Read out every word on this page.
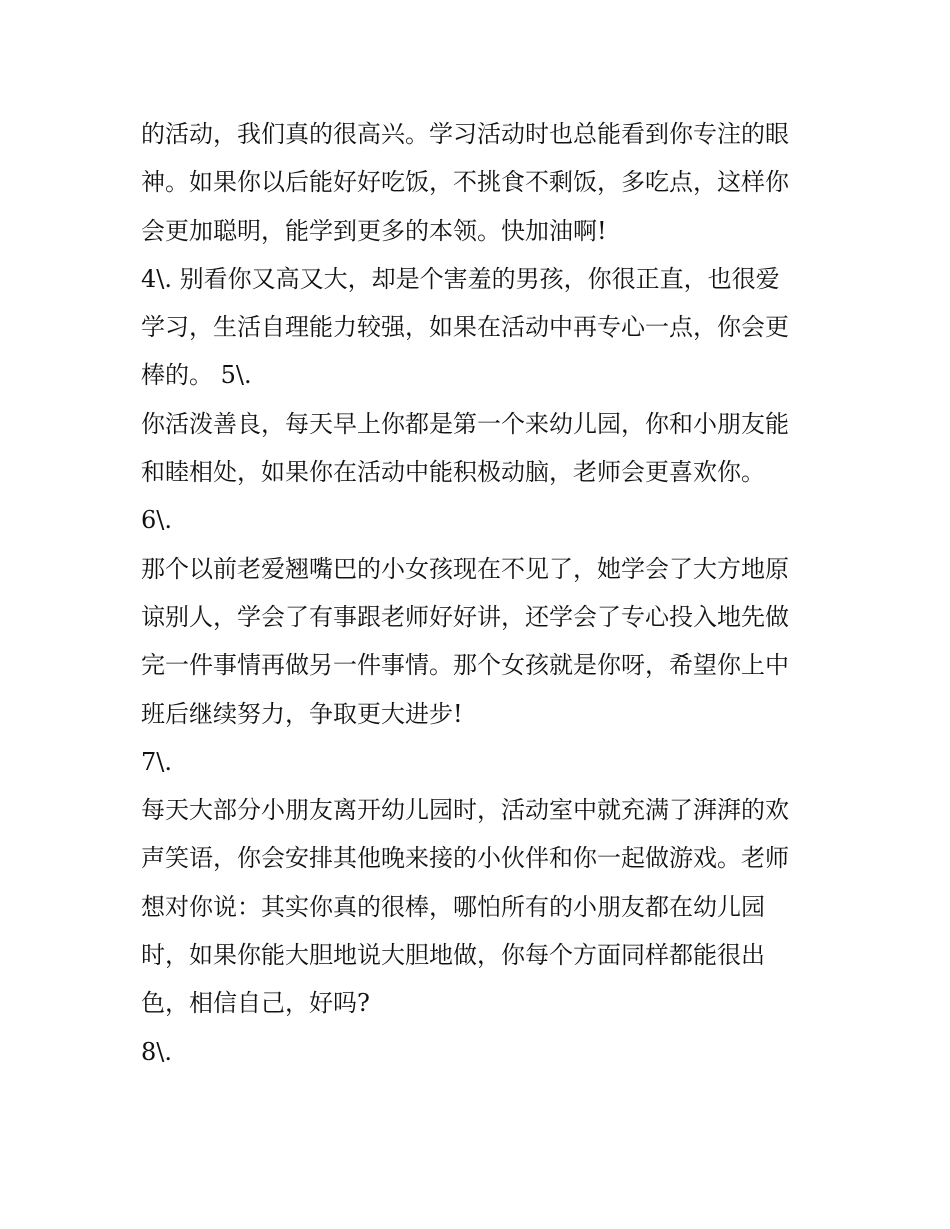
的活动，我们真的很高兴。学习活动时也总能看到你专注的眼
神。如果你以后能好好吃饭，不挑食不剩饭，多吃点，这样你
会更加聪明，能学到更多的本领。快加油啊!
4\. 别看你又高又大，却是个害羞的男孩，你很正直，也很爱
学习，生活自理能力较强，如果在活动中再专心一点，你会更
棒的。 5\.
你活泼善良，每天早上你都是第一个来幼儿园，你和小朋友能
和睦相处，如果你在活动中能积极动脑，老师会更喜欢你。
6\.
那个以前老爱翘嘴巴的小女孩现在不见了，她学会了大方地原
谅别人，学会了有事跟老师好好讲，还学会了专心投入地先做
完一件事情再做另一件事情。那个女孩就是你呀，希望你上中
班后继续努力，争取更大进步!
7\.
每天大部分小朋友离开幼儿园时，活动室中就充满了湃湃的欢
声笑语，你会安排其他晚来接的小伙伴和你一起做游戏。老师
想对你说：其实你真的很棒，哪怕所有的小朋友都在幼儿园
时，如果你能大胆地说大胆地做，你每个方面同样都能很出
色，相信自己，好吗?
8\.
